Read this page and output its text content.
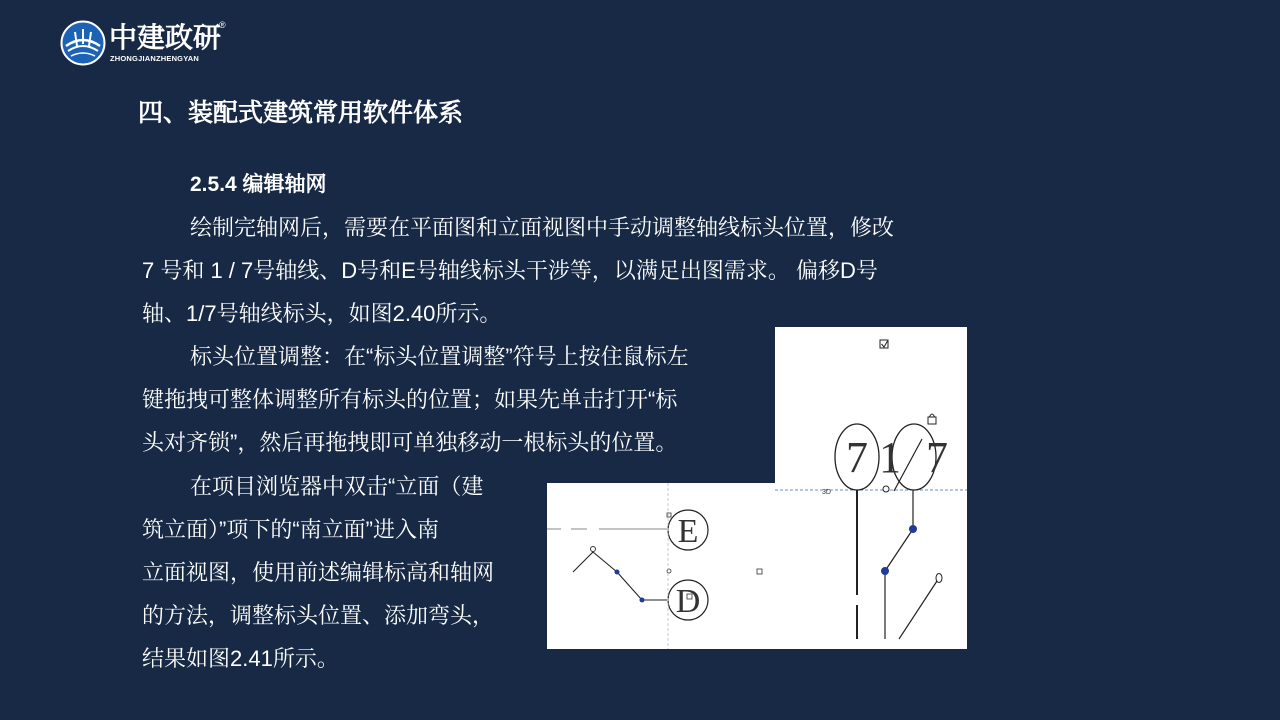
中建政研
®
ZHONGJIANZHENGYAN
四、装配式建筑常用软件体系
2.5.4 编辑轴网
绘制完轴网后，需要在平面图和立面视图中手动调整轴线标头位置，修改
7 号和 1 / 7号轴线、D号和E号轴线标头干涉等，以满足出图需求。 偏移D号
轴、1/7号轴线标头，如图2.40所示。
标头位置调整：在“标头位置调整”符号上按住鼠标左
键拖拽可整体调整所有标头的位置；如果先单击打开“标
头对齐锁”，然后再拖拽即可单独移动一根标头的位置。
在项目浏览器中双击“立面（建
筑立面）”项下的“南立面”进入南
立面视图，使用前述编辑标高和轴网
的方法，调整标头位置、添加弯头，
结果如图2.41所示。
3D
7 1 7
E
D
